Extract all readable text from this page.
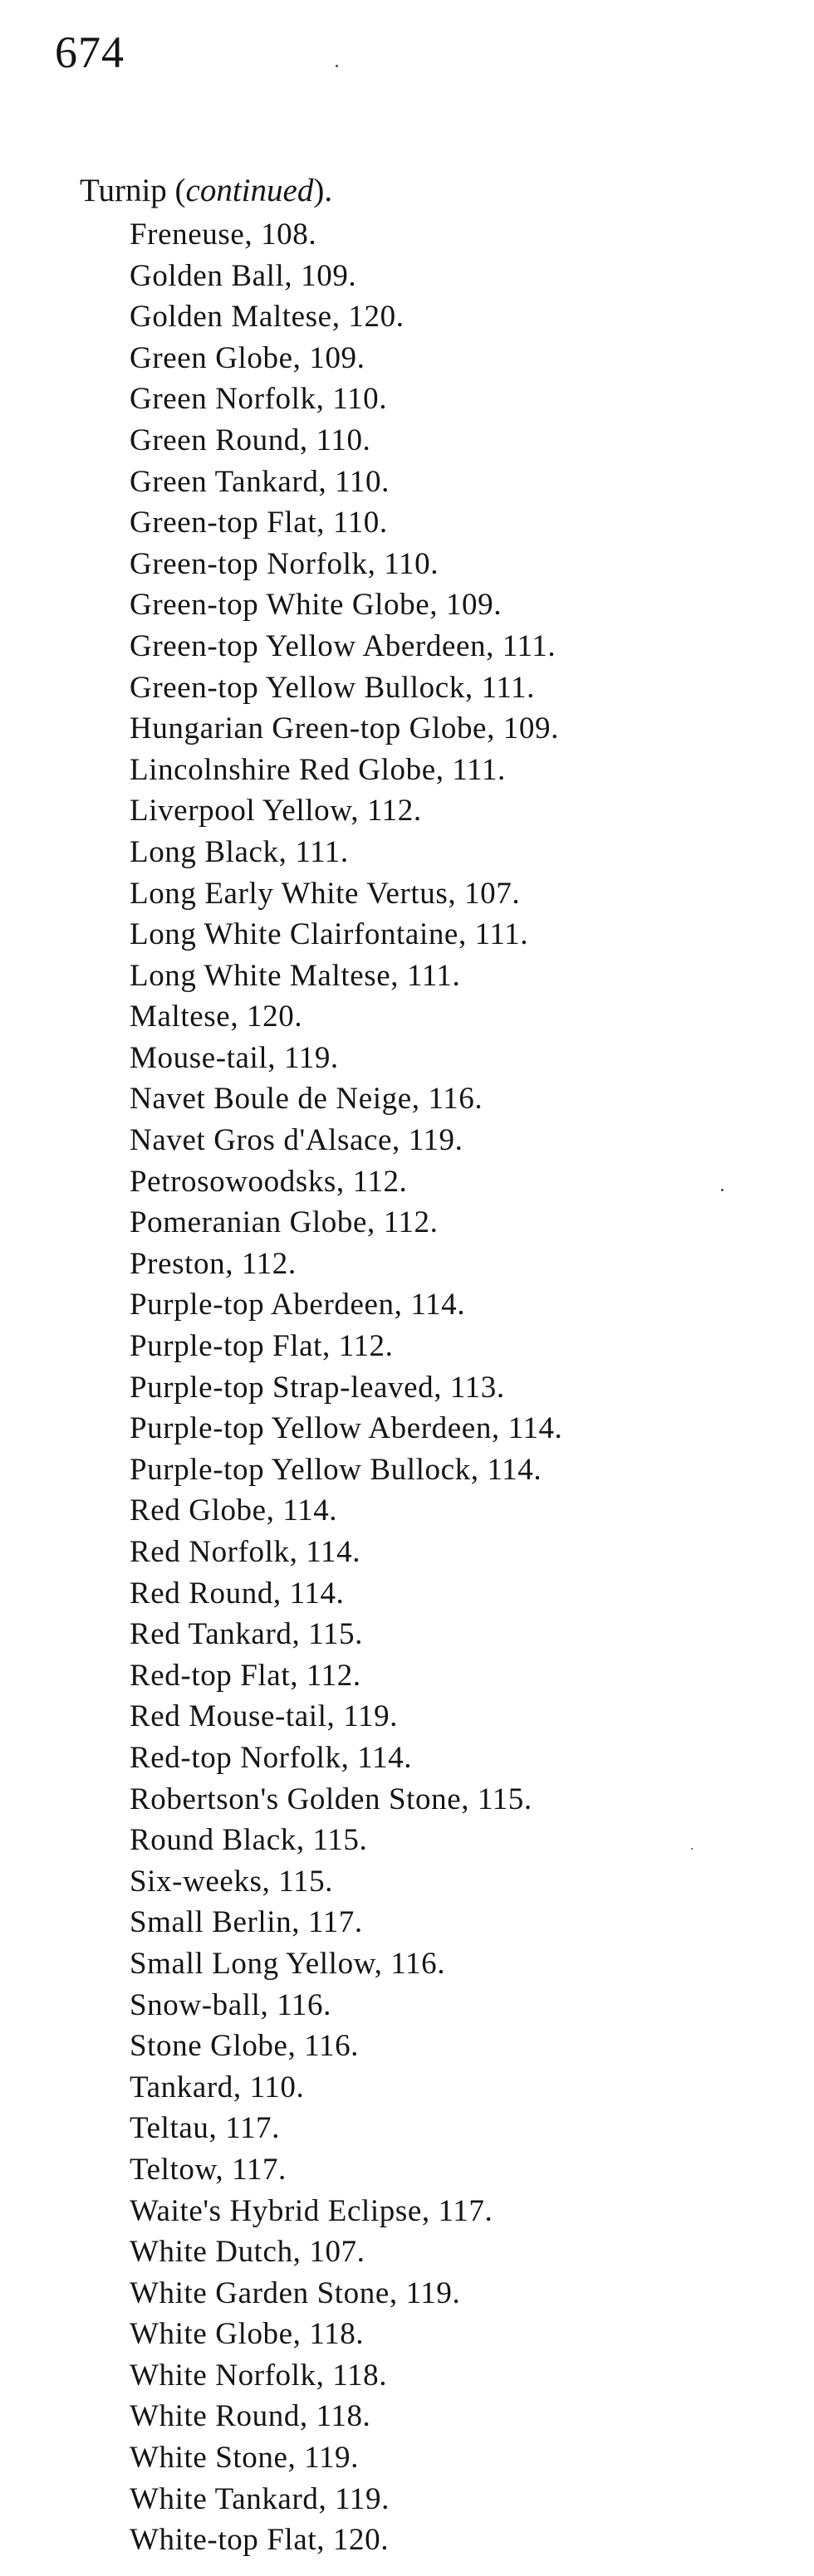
674
Turnip (continued).
Freneuse, 108.
Golden Ball, 109.
Golden Maltese, 120.
Green Globe, 109.
Green Norfolk, 110.
Green Round, 110.
Green Tankard, 110.
Green-top Flat, 110.
Green-top Norfolk, 110.
Green-top White Globe, 109.
Green-top Yellow Aberdeen, 111.
Green-top Yellow Bullock, 111.
Hungarian Green-top Globe, 109.
Lincolnshire Red Globe, 111.
Liverpool Yellow, 112.
Long Black, 111.
Long Early White Vertus, 107.
Long White Clairfontaine, 111.
Long White Maltese, 111.
Maltese, 120.
Mouse-tail, 119.
Navet Boule de Neige, 116.
Navet Gros d'Alsace, 119.
Petrosowoodsks, 112.
Pomeranian Globe, 112.
Preston, 112.
Purple-top Aberdeen, 114.
Purple-top Flat, 112.
Purple-top Strap-leaved, 113.
Purple-top Yellow Aberdeen, 114.
Purple-top Yellow Bullock, 114.
Red Globe, 114.
Red Norfolk, 114.
Red Round, 114.
Red Tankard, 115.
Red-top Flat, 112.
Red Mouse-tail, 119.
Red-top Norfolk, 114.
Robertson's Golden Stone, 115.
Round Black, 115.
Six-weeks, 115.
Small Berlin, 117.
Small Long Yellow, 116.
Snow-ball, 116.
Stone Globe, 116.
Tankard, 110.
Teltau, 117.
Teltow, 117.
Waite's Hybrid Eclipse, 117.
White Dutch, 107.
White Garden Stone, 119.
White Globe, 118.
White Norfolk, 118.
White Round, 118.
White Stone, 119.
White Tankard, 119.
White-top Flat, 120.
